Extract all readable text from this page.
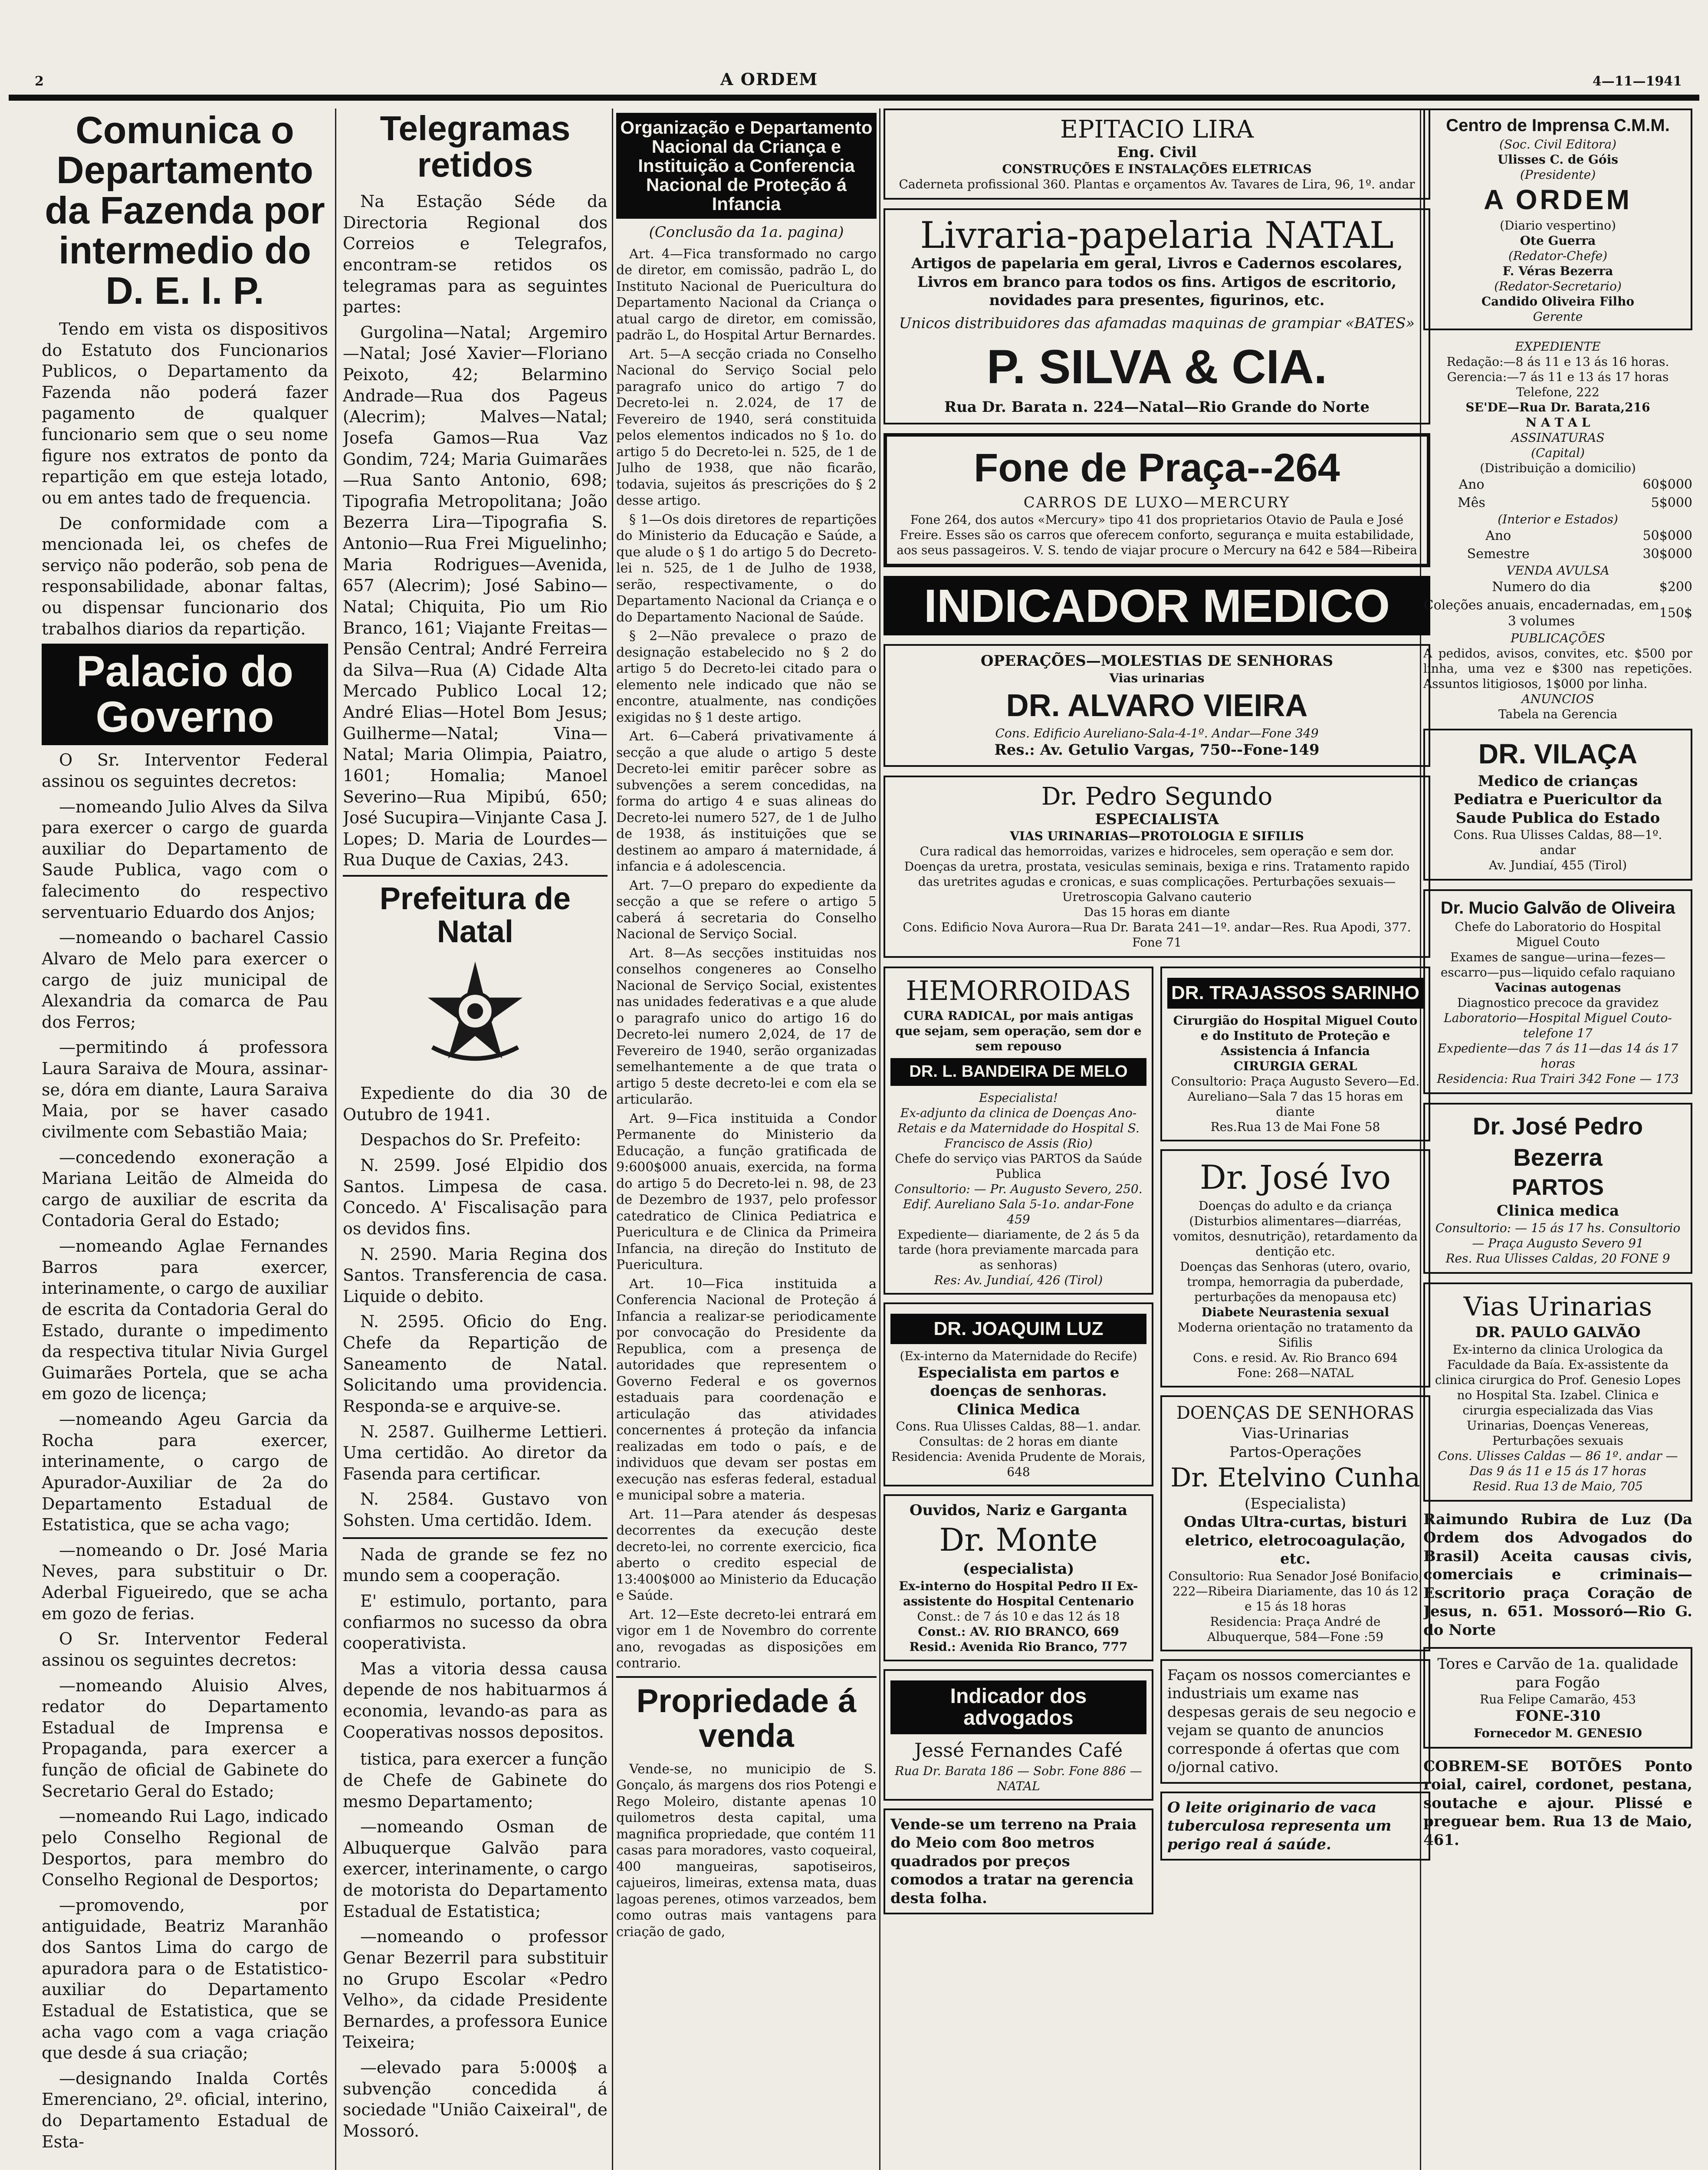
2	A ORDEM	4—11—1941
Comunica o Departamento da Fazenda por intermedio do D. E. I. P.

Tendo em vista os dispositivos do Estatuto dos Funcionarios Publicos, o Departamento da Fazenda não poderá fazer pagamento de qualquer funcionario sem que o seu nome figure nos extratos de ponto da repartição em que esteja lotado, ou em antes tado de frequencia.

De conformidade com a mencionada lei, os chefes de serviço não poderão, sob pena de responsabilidade, abonar faltas, ou dispensar funcionario dos trabalhos diarios da repartição.

Palacio do Governo

O Sr. Interventor Federal assinou os seguintes decretos:

—nomeando Julio Alves da Silva para exercer o cargo de guarda auxiliar do Departamento de Saude Publica, vago com o falecimento do respectivo serventuario Eduardo dos Anjos;

—nomeando o bacharel Cassio Alvaro de Melo para exercer o cargo de juiz municipal de Alexandria da comarca de Pau dos Ferros;

—permitindo á professora Laura Saraiva de Moura, assinar-se, dóra em diante, Laura Saraiva Maia, por se haver casado civilmente com Sebastião Maia;

—concedendo exoneração a Mariana Leitão de Almeida do cargo de auxiliar de escrita da Contadoria Geral do Estado;

—nomeando Aglae Fernandes Barros para exercer, interinamente, o cargo de auxiliar de escrita da Contadoria Geral do Estado, durante o impedimento da respectiva titular Nivia Gurgel Guimarães Portela, que se acha em gozo de licença;

—nomeando Ageu Garcia da Rocha para exercer, interinamente, o cargo de Apurador-Auxiliar de 2a do Departamento Estadual de Estatistica, que se acha vago;

—nomeando o Dr. José Maria Neves, para substituir o Dr. Aderbal Figueiredo, que se acha em gozo de ferias.

O Sr. Interventor Federal assinou os seguintes decretos:

—nomeando Aluisio Alves, redator do Departamento Estadual de Imprensa e Propaganda, para exercer a função de oficial de Gabinete do Secretario Geral do Estado;

—nomeando Rui Lago, indicado pelo Conselho Regional de Desportos, para membro do Conselho Regional de Desportos;

—promovendo, por antiguidade, Beatriz Maranhão dos Santos Lima do cargo de apuradora para o de Estatistico-auxiliar do Departamento Estadual de Estatistica, que se acha vago com a vaga criação que desde á sua criação;

—designando Inalda Cortês Emerenciano, 2º. oficial, interino, do Departamento Estadual de Esta-

Telegramas retidos

Na Estação Séde da Directoria Regional dos Correios e Telegrafos, encontram-se retidos os telegramas para as seguintes partes:

Gurgolina—Natal; Argemiro—Natal; José Xavier—Floriano Peixoto, 42; Belarmino Andrade—Rua dos Pageus (Alecrim); Malves—Natal; Josefa Gamos—Rua Vaz Gondim, 724; Maria Guimarães—Rua Santo Antonio, 698; Tipografia Metropolitana; João Bezerra Lira—Tipografia S. Antonio—Rua Frei Miguelinho; Maria Rodrigues—Avenida, 657 (Alecrim); José Sabino—Natal; Chiquita, Pio um Rio Branco, 161; Viajante Freitas—Pensão Central; André Ferreira da Silva—Rua (A) Cidade Alta Mercado Publico Local 12; André Elias—Hotel Bom Jesus; Guilherme—Natal; Vina—Natal; Maria Olimpia, Paiatro, 1601; Homalia; Manoel Severino—Rua Mipibú, 650; José Sucupira—Vinjante Casa J. Lopes; D. Maria de Lourdes—Rua Duque de Caxias, 243.

Prefeitura de Natal

Expediente do dia 30 de Outubro de 1941.

Despachos do Sr. Prefeito:

N. 2599. José Elpidio dos Santos. Limpesa de casa. Concedo. A' Fiscalisação para os devidos fins.

N. 2590. Maria Regina dos Santos. Transferencia de casa. Liquide o debito.

N. 2595. Oficio do Eng. Chefe da Repartição de Saneamento de Natal. Solicitando uma providencia. Responda-se e arquive-se.

N. 2587. Guilherme Lettieri. Uma certidão. Ao diretor da Fasenda para certificar.

N. 2584. Gustavo von Sohsten. Uma certidão. Idem.

Nada de grande se fez no mundo sem a cooperação.

E' estimulo, portanto, para confiarmos no sucesso da obra cooperativista.

Mas a vitoria dessa causa depende de nos habituarmos á economia, levando-as para as Cooperativas nossos depositos.

tistica, para exercer a função de Chefe de Gabinete do mesmo Departamento;

—nomeando Osman de Albuquerque Galvão para exercer, interinamente, o cargo de motorista do Departamento Estadual de Estatistica;

—nomeando o professor Genar Bezerril para substituir no Grupo Escolar «Pedro Velho», da cidade Presidente Bernardes, a professora Eunice Teixeira;

—elevado para 5:000$ a subvenção concedida á sociedade "União Caixeiral", de Mossoró.

Organização e Departamento Nacional da Criança e Instituição a Conferencia Nacional de Proteção á Infancia
(Conclusão da 1a. pagina)

Art. 4—Fica transformado no cargo de diretor, em comissão, padrão L, do Instituto Nacional de Puericultura do Departamento Nacional da Criança o atual cargo de diretor, em comissão, padrão L, do Hospital Artur Bernardes.

Art. 5—A secção criada no Conselho Nacional do Serviço Social pelo paragrafo unico do artigo 7 do Decreto-lei n. 2.024, de 17 de Fevereiro de 1940, será constituida pelos elementos indicados no § 1o. do artigo 5 do Decreto-lei n. 525, de 1 de Julho de 1938, que não ficarão, todavia, sujeitos ás prescrições do § 2 desse artigo.

§ 1—Os dois diretores de repartições do Ministerio da Educação e Saúde, a que alude o § 1 do artigo 5 do Decreto-lei n. 525, de 1 de Julho de 1938, serão, respectivamente, o do Departamento Nacional da Criança e o do Departamento Nacional de Saúde.

§ 2—Não prevalece o prazo de designação estabelecido no § 2 do artigo 5 do Decreto-lei citado para o elemento nele indicado que não se encontre, atualmente, nas condições exigidas no § 1 deste artigo.

Art. 6—Caberá privativamente á secção a que alude o artigo 5 deste Decreto-lei emitir parêcer sobre as subvenções a serem concedidas, na forma do artigo 4 e suas alineas do Decreto-lei numero 527, de 1 de Julho de 1938, ás instituições que se destinem ao amparo á maternidade, á infancia e á adolescencia.

Art. 7—O preparo do expediente da secção a que se refere o artigo 5 caberá á secretaria do Conselho Nacional de Serviço Social.

Art. 8—As secções instituidas nos conselhos congeneres ao Conselho Nacional de Serviço Social, existentes nas unidades federativas e a que alude o paragrafo unico do artigo 16 do Decreto-lei numero 2,024, de 17 de Fevereiro de 1940, serão organizadas semelhantemente a de que trata o artigo 5 deste decreto-lei e com ela se articularão.

Art. 9—Fica instituida a Condor Permanente do Ministerio da Educação, a função gratificada de 9:600$000 anuais, exercida, na forma do artigo 5 do Decreto-lei n. 98, de 23 de Dezembro de 1937, pelo professor catedratico de Clinica Pediatrica e Puericultura e de Clinica da Primeira Infancia, na direção do Instituto de Puericultura.

Art. 10—Fica instituida a Conferencia Nacional de Proteção á Infancia a realizar-se periodicamente por convocação do Presidente da Republica, com a presença de autoridades que representem o Governo Federal e os governos estaduais para coordenação e articulação das atividades concernentes á proteção da infancia realizadas em todo o país, e de individuos que devam ser postas em execução nas esferas federal, estadual e municipal sobre a materia.

Art. 11—Para atender ás despesas decorrentes da execução deste decreto-lei, no corrente exercicio, fica aberto o credito especial de 13:400$000 ao Ministerio da Educação e Saúde.

Art. 12—Este decreto-lei entrará em vigor em 1 de Novembro do corrente ano, revogadas as disposições em contrario.

Propriedade á venda

Vende-se, no municipio de S. Gonçalo, ás margens dos rios Potengi e Rego Moleiro, distante apenas 10 quilometros desta capital, uma magnifica propriedade, que contém 11 casas para moradores, vasto coqueiral, 400 mangueiras, sapotiseiros, cajueiros, limeiras, extensa mata, duas lagoas perenes, otimos varzeados, bem como outras mais vantagens para criação de gado,

EPITACIO LIRA
Eng. Civil
CONSTRUÇÕES E INSTALAÇÕES ELETRICAS
Caderneta profissional 360. Plantas e orçamentos Av. Tavares de Lira, 96, 1º. andar
Livraria-papelaria NATAL
Artigos de papelaria em geral, Livros e Cadernos escolares, Livros em branco para todos os fins. Artigos de escritorio, novidades para presentes, figurinos, etc.
Unicos distribuidores das afamadas maquinas de grampiar «BATES»
P. SILVA & CIA.
Rua Dr. Barata n. 224—Natal—Rio Grande do Norte
Fone de Praça--264
CARROS DE LUXO—MERCURY
Fone 264, dos autos «Mercury» tipo 41 dos proprietarios Otavio de Paula e José Freire. Esses são os carros que oferecem conforto, segurança e muita estabilidade, aos seus passageiros. V. S. tendo de viajar procure o Mercury na 642 e 584—Ribeira
INDICADOR MEDICO
OPERAÇÕES—MOLESTIAS DE SENHORAS
Vias urinarias
DR. ALVARO VIEIRA
Cons. Edificio Aureliano-Sala-4-1º. Andar—Fone 349
Res.: Av. Getulio Vargas, 750--Fone-149
Dr. Pedro Segundo
ESPECIALISTA
VIAS URINARIAS—PROTOLOGIA E SIFILIS
Cura radical das hemorroidas, varizes e hidroceles, sem operação e sem dor. Doenças da uretra, prostata, vesiculas seminais, bexiga e rins. Tratamento rapido das uretrites agudas e cronicas, e suas complicações. Perturbações sexuais—Uretroscopia Galvano cauterio
Das 15 horas em diante
Cons. Edificio Nova Aurora—Rua Dr. Barata 241—1º. andar—Res. Rua Apodi, 377. Fone 71
HEMORROIDAS
CURA RADICAL, por mais antigas que sejam, sem operação, sem dor e sem repouso
DR. L. BANDEIRA DE MELO
Especialista!
Ex-adjunto da clinica de Doenças Ano-Retais e da Maternidade do Hospital S. Francisco de Assis (Rio)
Chefe do serviço vias PARTOS da Saúde Publica
Consultorio: — Pr. Augusto Severo, 250. Edif. Aureliano Sala 5-1o. andar-Fone 459
Expediente— diariamente, de 2 ás 5 da tarde (hora previamente marcada para as senhoras)
Res: Av. Jundiaí, 426 (Tirol)
DR. JOAQUIM LUZ
(Ex-interno da Maternidade do Recife)
Especialista em partos e doenças de senhoras.
Clinica Medica
Cons. Rua Ulisses Caldas, 88—1. andar. Consultas: de 2 horas em diante
Residencia: Avenida Prudente de Morais, 648
Ouvidos, Nariz e Garganta
Dr. Monte
(especialista)
Ex-interno do Hospital Pedro II Ex-assistente do Hospital Centenario
Const.: de 7 ás 10 e das 12 ás 18
Const.: AV. RIO BRANCO, 669
Resid.: Avenida Rio Branco, 777
Indicador dos advogados
Jessé Fernandes Café
Rua Dr. Barata 186 — Sobr. Fone 886 — NATAL
Vende-se um terreno na Praia do Meio com 8oo metros quadrados por preços comodos a tratar na gerencia desta folha.
DR. TRAJASSOS SARINHO
Cirurgião do Hospital Miguel Couto e do Instituto de Proteção e Assistencia á Infancia
CIRURGIA GERAL
Consultorio: Praça Augusto Severo—Ed. Aureliano—Sala 7 das 15 horas em diante
Res.Rua 13 de Mai Fone 58
Dr. José Ivo
Doenças do adulto e da criança (Disturbios alimentares—diarréas, vomitos, desnutrição), retardamento da dentição etc.
Doenças das Senhoras (utero, ovario, trompa, hemorragia da puberdade, perturbações da menopausa etc)
Diabete Neurastenia sexual
Moderna orientação no tratamento da Sifilis
Cons. e resid. Av. Rio Branco 694
Fone: 268—NATAL
DOENÇAS DE SENHORAS
Vias-Urinarias
Partos-Operações
Dr. Etelvino Cunha
(Especialista)
Ondas Ultra-curtas, bisturi eletrico, eletrocoagulação, etc.
Consultorio: Rua Senador José Bonifacio, 222—Ribeira Diariamente, das 10 ás 12 e 15 ás 18 horas
Residencia: Praça André de Albuquerque, 584—Fone :59
Façam os nossos comerciantes e industriais um exame nas despesas gerais de seu negocio e vejam se quanto de anuncios corresponde á ofertas que com o/jornal cativo.
O leite originario de vaca tuberculosa representa um perigo real á saúde.
Centro de Imprensa C.M.M.
(Soc. Civil Editora)
Ulisses C. de Góis
(Presidente)
A ORDEM
(Diario vespertino)
Ote Guerra
(Redator-Chefe)
F. Véras Bezerra
(Redator-Secretario)
Candido Oliveira Filho
Gerente
EXPEDIENTE
Redação:—8 ás 11 e 13 ás 16 horas.
Gerencia:—7 ás 11 e 13 ás 17 horas
Telefone, 222
SE'DE—Rua Dr. Barata,216
N A T A L
ASSINATURAS
(Capital)
(Distribuição a domicilio)
Ano	60$000
Mês	5$000
(Interior e Estados)
Ano	50$000
Semestre	30$000
VENDA AVULSA
Numero do dia	$200
Coleções anuais, encadernadas, em 3 volumes	150$
PUBLICAÇÕES
A pedidos, avisos, convites, etc. $500 por linha, uma vez e $300 nas repetições. Assuntos litigiosos, 1$000 por linha.
ANUNCIOS
Tabela na Gerencia
DR. VILAÇA
Medico de crianças
Pediatra e Puericultor da Saude Publica do Estado
Cons. Rua Ulisses Caldas, 88—1º. andar
Av. Jundiaí, 455 (Tirol)
Dr. Mucio Galvão de Oliveira
Chefe do Laboratorio do Hospital Miguel Couto
Exames de sangue—urina—fezes—escarro—pus—liquido cefalo raquiano
Vacinas autogenas
Diagnostico precoce da gravidez
Laboratorio—Hospital Miguel Couto-telefone 17
Expediente—das 7 ás 11—das 14 ás 17 horas
Residencia: Rua Trairi 342 Fone — 173
Dr. José Pedro Bezerra
PARTOS
Clinica medica
Consultorio: — 15 ás 17 hs. Consultorio — Praça Augusto Severo 91
Res. Rua Ulisses Caldas, 20 FONE 9
Vias Urinarias
DR. PAULO GALVÃO
Ex-interno da clinica Urologica da Faculdade da Baía. Ex-assistente da clinica cirurgica do Prof. Genesio Lopes no Hospital Sta. Izabel. Clinica e cirurgia especializada das Vias Urinarias, Doenças Venereas, Perturbações sexuais
Cons. Ulisses Caldas — 86 1º. andar — Das 9 ás 11 e 15 ás 17 horas
Resid. Rua 13 de Maio, 705
Raimundo Rubira de Luz (Da Ordem dos Advogados do Brasil) Aceita causas civis, comerciais e criminais—Escritorio praça Coração de Jesus, n. 651. Mossoró—Rio G. do Norte
Tores e Carvão de 1a. qualidade para Fogão
Rua Felipe Camarão, 453
FONE-310
Fornecedor M. GENESIO
COBREM-SE BOTÕES Ponto roial, cairel, cordonet, pestana, soutache e ajour. Plissé e preguear bem. Rua 13 de Maio, 461.
